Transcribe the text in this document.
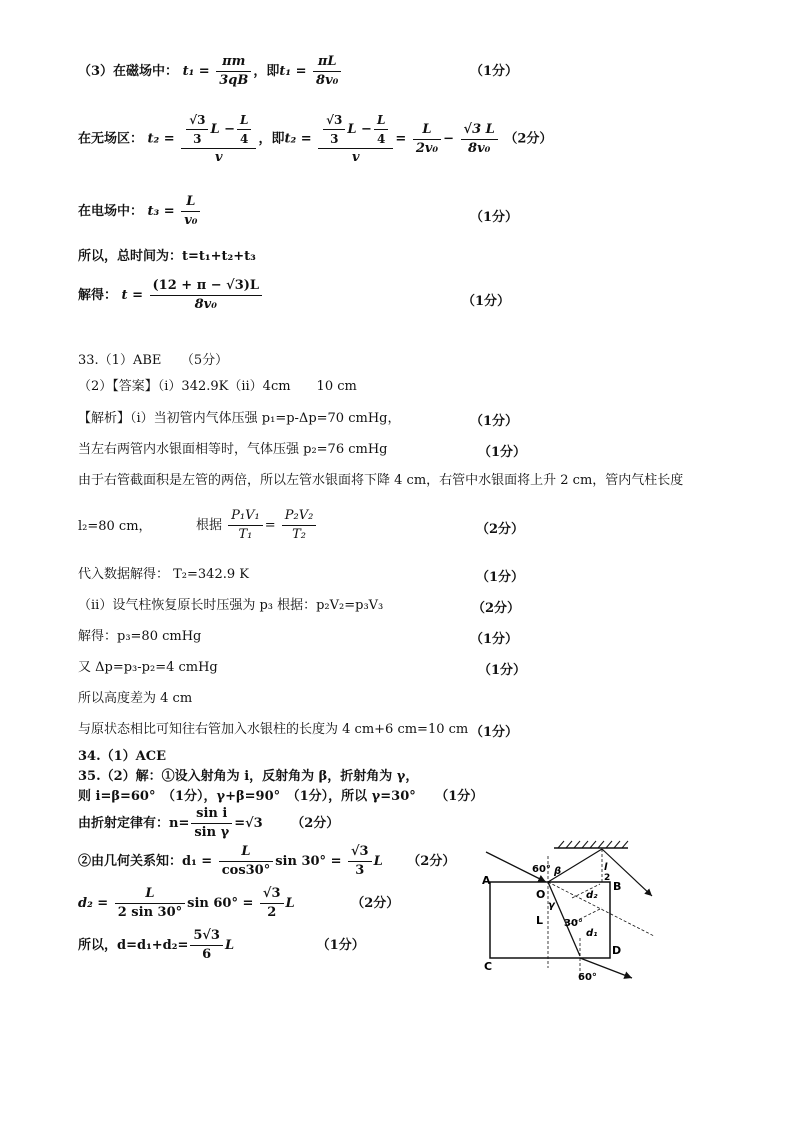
（3）在磁场中： $t_1 = \frac{\pi m}{3qB}$ ，即$t_1 = \frac{\pi L}{\text{8v₀}}$	（1分）
在无场区： $t_2 = \frac{\frac{√3}{3} L - \frac{L}{4}}{v}$ ，即$t_2 = \frac{\frac{√3}{3} L - \frac{L}{4}}{v} = \frac{L}{\text{2v₀}} - \frac{√3 L}{\text{8v₀}} (2$分）
在电场中： $t_3 = \frac{L}{\text{v₀}}$	（1分）
所以，总时间为：t=t₁+t₂+t₃
解得： $t = \frac{(12 + \pi - √3)L}{\text{8v₀}}$	（1分）
33.（1）ABE　　（5分）
（2）【答案】（i）342.9K（ii）4cm　　10 cm
【解析】（i）当初管内气体压强 p₁=p-Δp=70 cmHg，	（1分）
当左右两管内水银面相等时，气体压强 p₂=76 cmHg	（1分）
由于右管截面积是左管的两倍，所以左管水银面将下降 4 cm，右管中水银面将上升 2 cm，管内气柱长度
l₂=80 cm，	根据 $\frac{\text{P₁V₁}}{\text{T₁}} = \frac{\text{P₂V₂}}{\text{T₂}}$	（2分）
代入数据解得： T₂=342.9 K	（1分）
（ii）设气柱恢复原长时压强为 p₃ 根据：p₂V₂=p₃V₃	（2分）
解得：p₃=80 cmHg	（1分）
又 Δp=p₃-p₂=4 cmHg	（1分）
所以高度差为 4 cm
与原状态相比可知往右管加入水银柱的长度为 4 cm+6 cm=10 cm （1分）
34.（1）ACE
35.（2）解：①设入射角为 i，反射角为 β，折射角为 γ，
则 i=β=60°　（1分），γ+β=90°　（1分），所以 γ=30°　　（1分）
由折射定律有：$n= \frac{\text{sin i}}{\text{sin γ}} =√3$ （2分）
②由几何关系知：$d_1 = \frac{L}{\cos 30^\circ}$ $\sin 30^\circ = \frac{√3}{3}$ L （2分）
$d_2 = \frac{L}{2 \sin 30^\circ}$ $\sin 60^\circ = \frac{√3}{2}$ L	（2分）
所以，$d=d_1+d_2= \frac{5√3}{6}$ L	（1分）
A	B
C
D
O
L
60° β
γ
30°
60°
d₁
d₂
l
2
